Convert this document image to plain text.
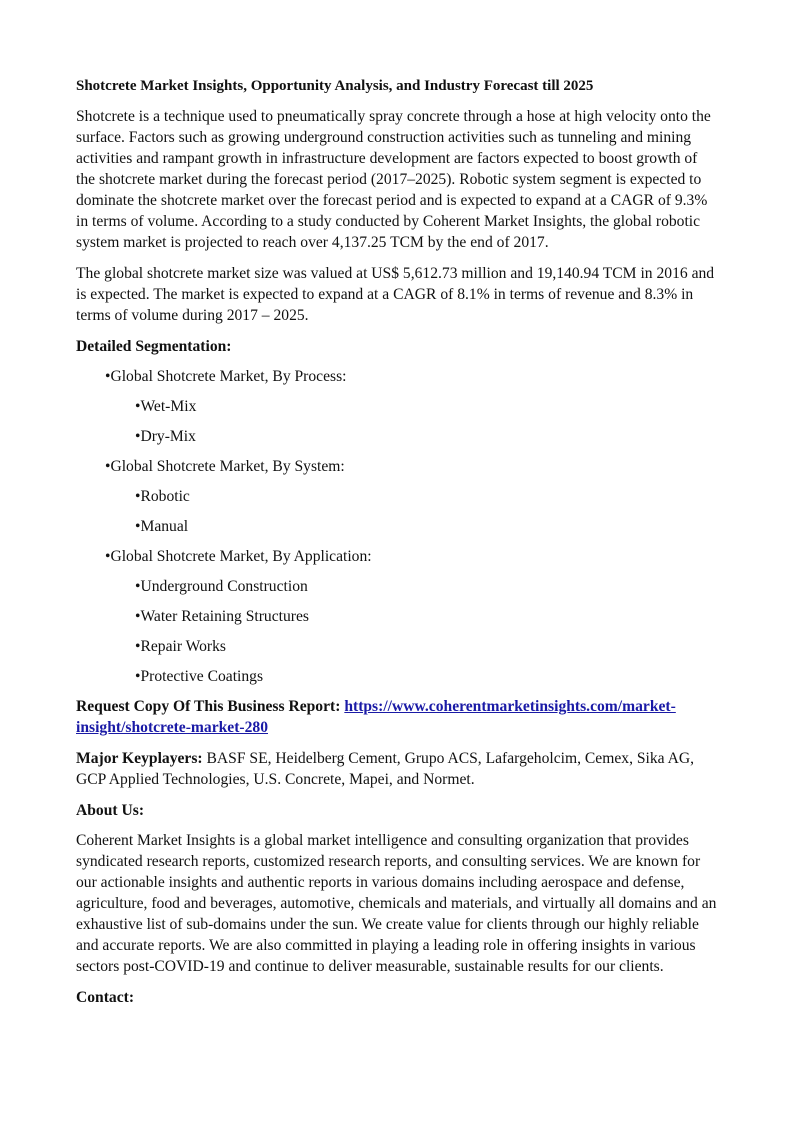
Shotcrete Market Insights, Opportunity Analysis, and Industry Forecast till 2025

Shotcrete is a technique used to pneumatically spray concrete through a hose at high velocity onto the surface. Factors such as growing underground construction activities such as tunneling and mining activities and rampant growth in infrastructure development are factors expected to boost growth of the shotcrete market during the forecast period (2017–2025). Robotic system segment is expected to dominate the shotcrete market over the forecast period and is expected to expand at a CAGR of 9.3% in terms of volume. According to a study conducted by Coherent Market Insights, the global robotic system market is projected to reach over 4,137.25 TCM by the end of 2017.

The global shotcrete market size was valued at US$ 5,612.73 million and 19,140.94 TCM in 2016 and is expected. The market is expected to expand at a CAGR of 8.1% in terms of revenue and 8.3% in terms of volume during 2017 – 2025.

Detailed Segmentation:
•Global Shotcrete Market, By Process:
•Wet-Mix
•Dry-Mix
•Global Shotcrete Market, By System:
•Robotic
•Manual
•Global Shotcrete Market, By Application:
•Underground Construction
•Water Retaining Structures
•Repair Works
•Protective Coatings

Request Copy Of This Business Report: https://www.coherentmarketinsights.com/market-insight/shotcrete-market-280

Major Keyplayers: BASF SE, Heidelberg Cement, Grupo ACS, Lafargeholcim, Cemex, Sika AG, GCP Applied Technologies, U.S. Concrete, Mapei, and Normet.

About Us:

Coherent Market Insights is a global market intelligence and consulting organization that provides syndicated research reports, customized research reports, and consulting services. We are known for our actionable insights and authentic reports in various domains including aerospace and defense, agriculture, food and beverages, automotive, chemicals and materials, and virtually all domains and an exhaustive list of sub-domains under the sun. We create value for clients through our highly reliable and accurate reports. We are also committed in playing a leading role in offering insights in various sectors post-COVID-19 and continue to deliver measurable, sustainable results for our clients.

Contact:
